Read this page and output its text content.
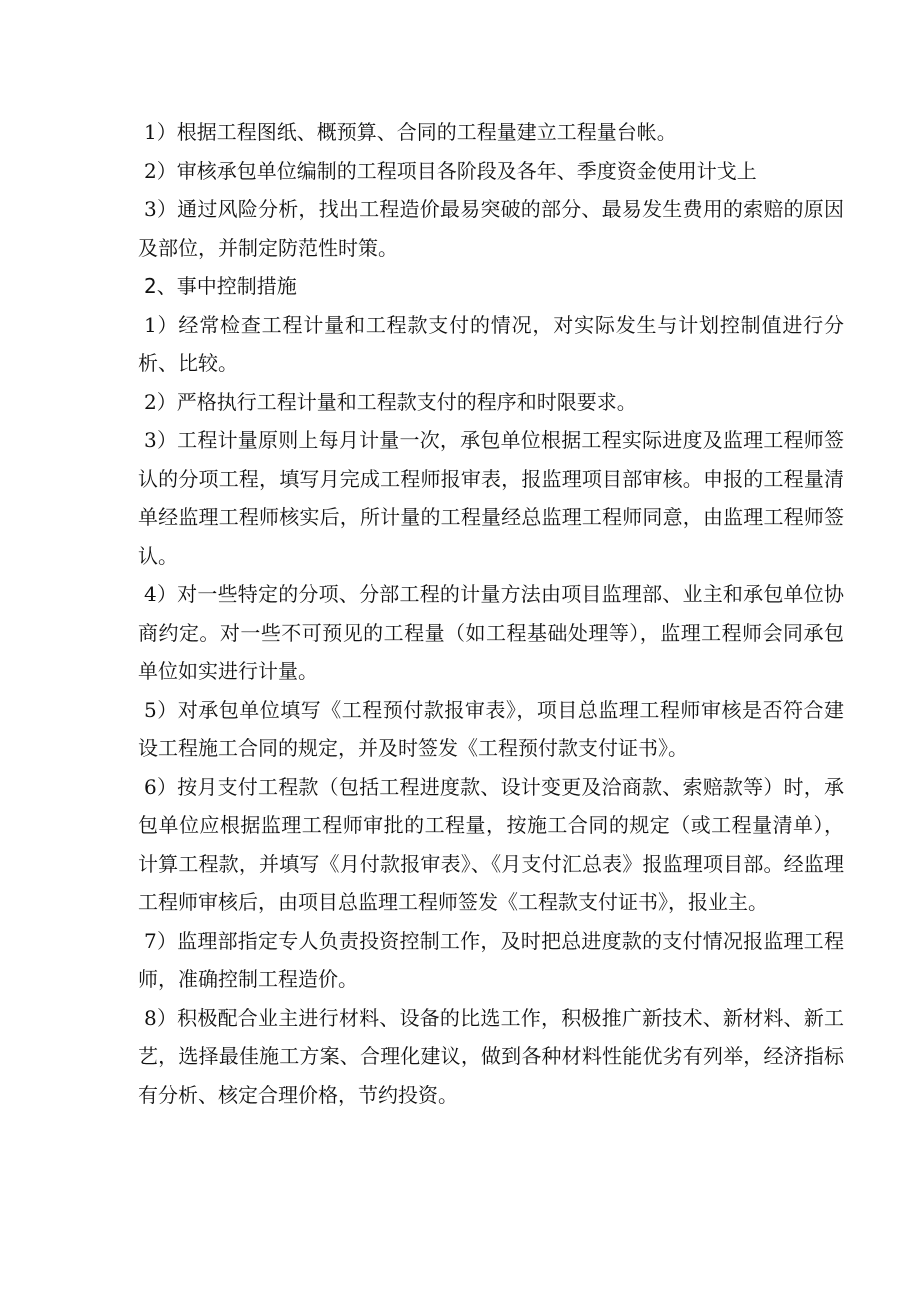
1）根据工程图纸、概预算、合同的工程量建立工程量台帐。

2）审核承包单位编制的工程项目各阶段及各年、季度资金使用计戈上

3）通过风险分析，找出工程造价最易突破的部分、最易发生费用的索赔的原因及部位，并制定防范性时策。

2、事中控制措施

1）经常检查工程计量和工程款支付的情况，对实际发生与计划控制值进行分析、比较。

2）严格执行工程计量和工程款支付的程序和时限要求。

3）工程计量原则上每月计量一次，承包单位根据工程实际进度及监理工程师签认的分项工程，填写月完成工程师报审表，报监理项目部审核。申报的工程量清单经监理工程师核实后，所计量的工程量经总监理工程师同意，由监理工程师签认。

4）对一些特定的分项、分部工程的计量方法由项目监理部、业主和承包单位协商约定。对一些不可预见的工程量（如工程基础处理等），监理工程师会同承包单位如实进行计量。

5）对承包单位填写《工程预付款报审表》，项目总监理工程师审核是否符合建设工程施工合同的规定，并及时签发《工程预付款支付证书》。

6）按月支付工程款（包括工程进度款、设计变更及洽商款、索赔款等）时，承包单位应根据监理工程师审批的工程量，按施工合同的规定（或工程量清单），计算工程款，并填写《月付款报审表》、《月支付汇总表》报监理项目部。经监理工程师审核后，由项目总监理工程师签发《工程款支付证书》，报业主。

7）监理部指定专人负责投资控制工作，及时把总进度款的支付情况报监理工程师，准确控制工程造价。

8）积极配合业主进行材料、设备的比选工作，积极推广新技术、新材料、新工艺，选择最佳施工方案、合理化建议，做到各种材料性能优劣有列举，经济指标有分析、核定合理价格，节约投资。
